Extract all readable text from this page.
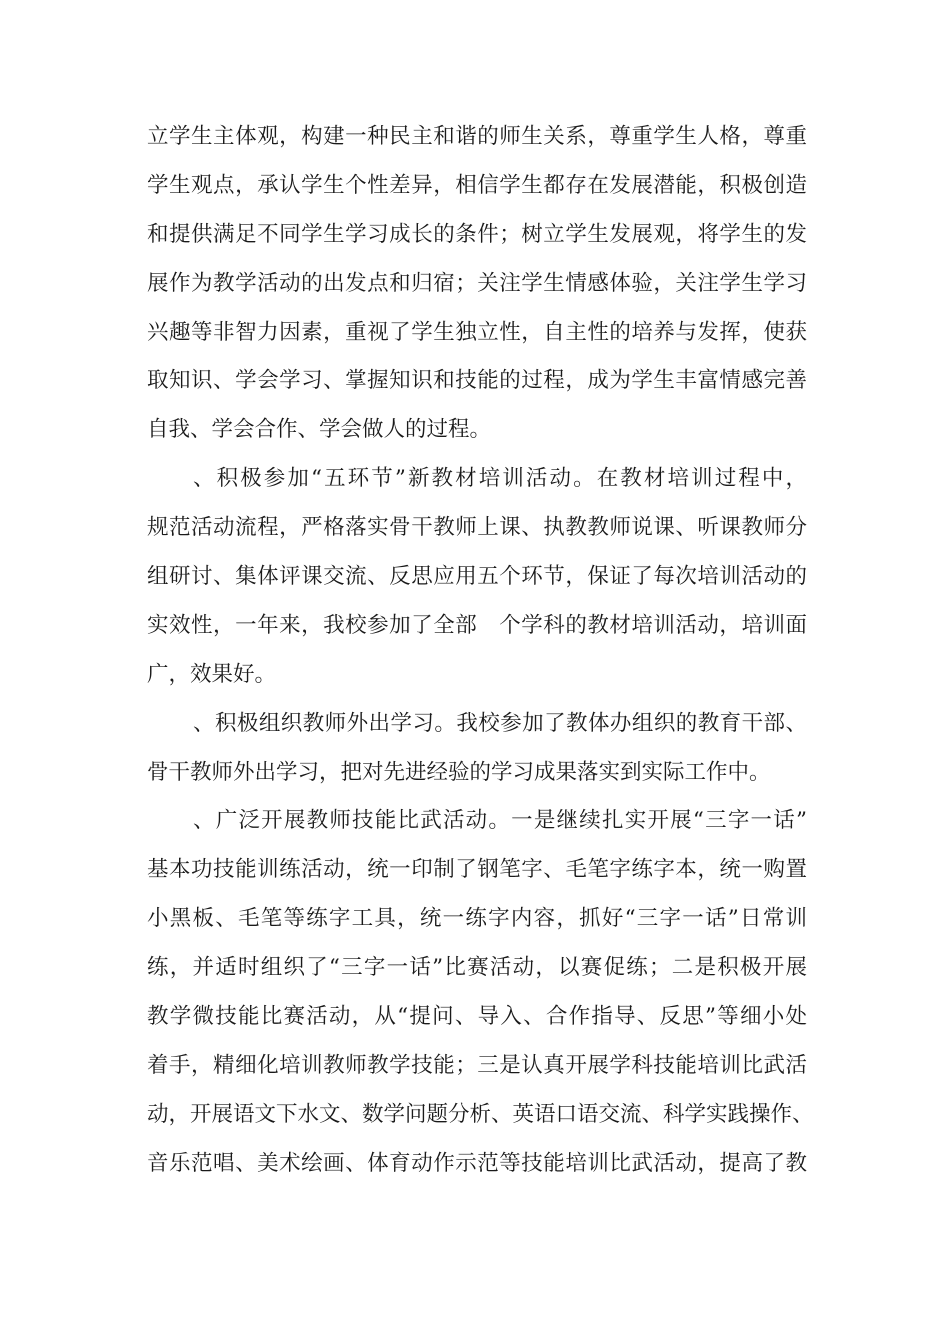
立学生主体观，构建一种民主和谐的师生关系，尊重学生人格，尊重
学生观点，承认学生个性差异，相信学生都存在发展潜能，积极创造
和提供满足不同学生学习成长的条件；树立学生发展观，将学生的发
展作为教学活动的出发点和归宿；关注学生情感体验，关注学生学习
兴趣等非智力因素，重视了学生独立性，自主性的培养与发挥，使获
取知识、学会学习、掌握知识和技能的过程，成为学生丰富情感完善
自我、学会合作、学会做人的过程。
、积极参加“五环节”新教材培训活动。在教材培训过程中，
规范活动流程，严格落实骨干教师上课、执教教师说课、听课教师分
组研讨、集体评课交流、反思应用五个环节，保证了每次培训活动的
实效性，一年来，我校参加了全部　个学科的教材培训活动，培训面
广，效果好。
、积极组织教师外出学习。我校参加了教体办组织的教育干部、
骨干教师外出学习，把对先进经验的学习成果落实到实际工作中。
、广泛开展教师技能比武活动。一是继续扎实开展“三字一话”
基本功技能训练活动，统一印制了钢笔字、毛笔字练字本，统一购置
小黑板、毛笔等练字工具，统一练字内容，抓好“三字一话”日常训
练，并适时组织了“三字一话”比赛活动，以赛促练；二是积极开展
教学微技能比赛活动，从“提问、导入、合作指导、反思”等细小处
着手，精细化培训教师教学技能；三是认真开展学科技能培训比武活
动，开展语文下水文、数学问题分析、英语口语交流、科学实践操作、
音乐范唱、美术绘画、体育动作示范等技能培训比武活动，提高了教
